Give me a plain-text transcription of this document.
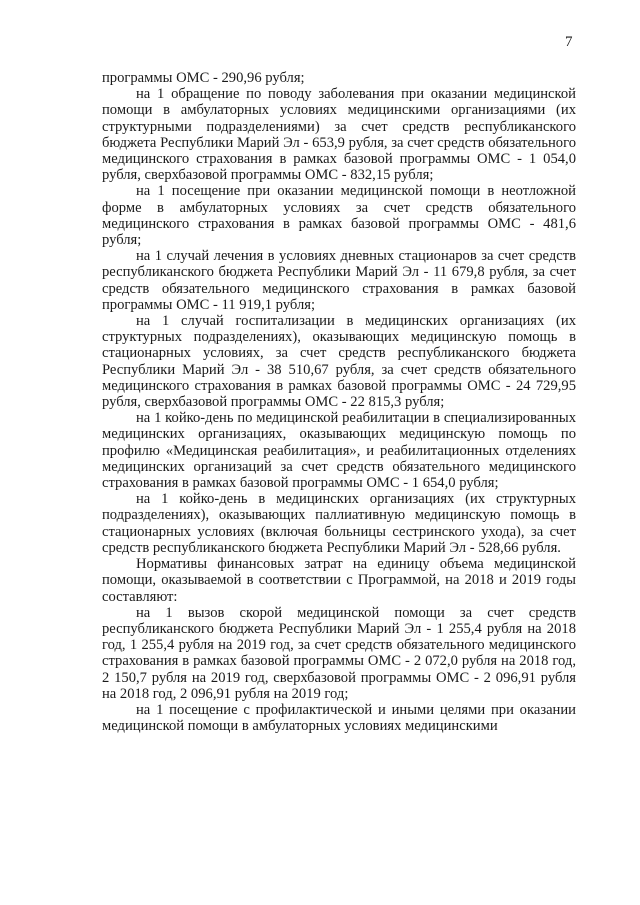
7

программы ОМС - 290,96 рубля;

на 1 обращение по поводу заболевания при оказании медицинской помощи в амбулаторных условиях медицинскими организациями (их структурными подразделениями) за счет средств республиканского бюджета Республики Марий Эл - 653,9 рубля, за счет средств обязательного медицинского страхования в рамках базовой программы ОМС - 1 054,0 рубля, сверхбазовой программы ОМС - 832,15 рубля;

на 1 посещение при оказании медицинской помощи в неотложной форме в амбулаторных условиях за счет средств обязательного медицинского страхования в рамках базовой программы ОМС - 481,6 рубля;

на 1 случай лечения в условиях дневных стационаров за счет средств республиканского бюджета Республики Марий Эл - 11 679,8 рубля, за счет средств обязательного медицинского страхования в рамках базовой программы ОМС - 11 919,1 рубля;

на 1 случай госпитализации в медицинских организациях (их структурных подразделениях), оказывающих медицинскую помощь в стационарных условиях, за счет средств республиканского бюджета Республики Марий Эл - 38 510,67 рубля, за счет средств обязательного медицинского страхования в рамках базовой программы ОМС - 24 729,95 рубля, сверхбазовой программы ОМС - 22 815,3 рубля;

на 1 койко-день по медицинской реабилитации в специализированных медицинских организациях, оказывающих медицинскую помощь по профилю «Медицинская реабилитация», и реабилитационных отделениях медицинских организаций за счет средств обязательного медицинского страхования в рамках базовой программы ОМС - 1 654,0 рубля;

на 1 койко-день в медицинских организациях (их структурных подразделениях), оказывающих паллиативную медицинскую помощь в стационарных условиях (включая больницы сестринского ухода), за счет средств республиканского бюджета Республики Марий Эл - 528,66 рубля.

Нормативы финансовых затрат на единицу объема медицинской помощи, оказываемой в соответствии с Программой, на 2018 и 2019 годы составляют:

на 1 вызов скорой медицинской помощи за счет средств республиканского бюджета Республики Марий Эл - 1 255,4 рубля на 2018 год, 1 255,4 рубля на 2019 год, за счет средств обязательного медицинского страхования в рамках базовой программы ОМС - 2 072,0 рубля на 2018 год, 2 150,7 рубля на 2019 год, сверхбазовой программы ОМС - 2 096,91 рубля на 2018 год, 2 096,91 рубля на 2019 год;

на 1 посещение с профилактической и иными целями при оказании медицинской помощи в амбулаторных условиях медицинскими
